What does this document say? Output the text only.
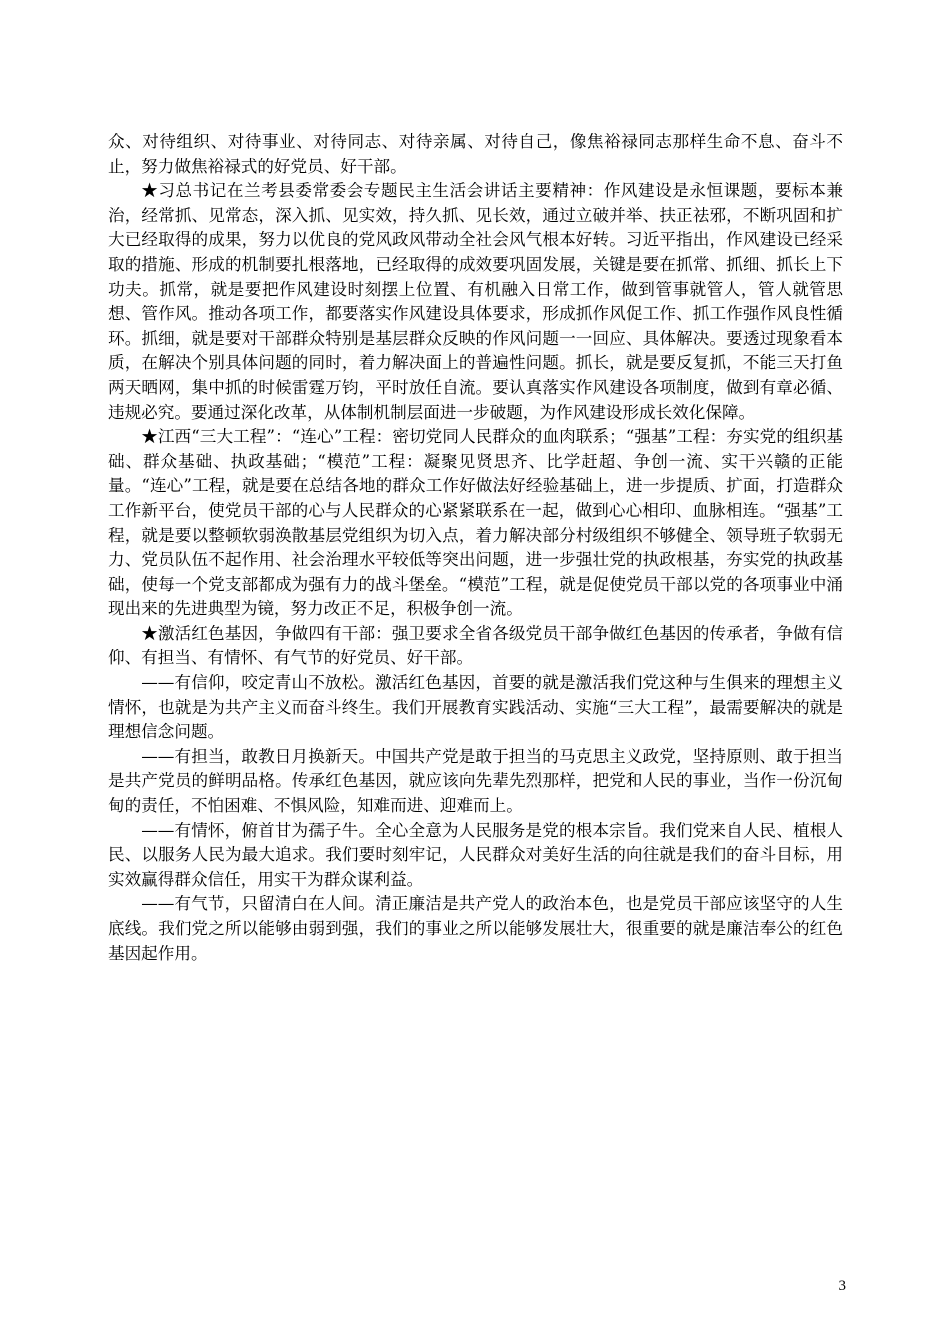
众、对待组织、对待事业、对待同志、对待亲属、对待自己，像焦裕禄同志那样生命不息、奋斗不止，努力做焦裕禄式的好党员、好干部。

★习总书记在兰考县委常委会专题民主生活会讲话主要精神：作风建设是永恒课题，要标本兼治，经常抓、见常态，深入抓、见实效，持久抓、见长效，通过立破并举、扶正祛邪，不断巩固和扩大已经取得的成果，努力以优良的党风政风带动全社会风气根本好转。习近平指出，作风建设已经采取的措施、形成的机制要扎根落地，已经取得的成效要巩固发展，关键是要在抓常、抓细、抓长上下功夫。抓常，就是要把作风建设时刻摆上位置、有机融入日常工作，做到管事就管人，管人就管思想、管作风。推动各项工作，都要落实作风建设具体要求，形成抓作风促工作、抓工作强作风良性循环。抓细，就是要对干部群众特别是基层群众反映的作风问题一一回应、具体解决。要透过现象看本质，在解决个别具体问题的同时，着力解决面上的普遍性问题。抓长，就是要反复抓，不能三天打鱼两天晒网，集中抓的时候雷霆万钧，平时放任自流。要认真落实作风建设各项制度，做到有章必循、违规必究。要通过深化改革，从体制机制层面进一步破题，为作风建设形成长效化保障。

★江西“三大工程”：“连心”工程：密切党同人民群众的血肉联系；“强基”工程：夯实党的组织基础、群众基础、执政基础；“模范”工程：凝聚见贤思齐、比学赶超、争创一流、实干兴赣的正能量。“连心”工程，就是要在总结各地的群众工作好做法好经验基础上，进一步提质、扩面，打造群众工作新平台，使党员干部的心与人民群众的心紧紧联系在一起，做到心心相印、血脉相连。“强基”工程，就是要以整顿软弱涣散基层党组织为切入点，着力解决部分村级组织不够健全、领导班子软弱无力、党员队伍不起作用、社会治理水平较低等突出问题，进一步强壮党的执政根基，夯实党的执政基础，使每一个党支部都成为强有力的战斗堡垒。“模范”工程，就是促使党员干部以党的各项事业中涌现出来的先进典型为镜，努力改正不足，积极争创一流。

★激活红色基因，争做四有干部：强卫要求全省各级党员干部争做红色基因的传承者，争做有信仰、有担当、有情怀、有气节的好党员、好干部。

——有信仰，咬定青山不放松。激活红色基因，首要的就是激活我们党这种与生俱来的理想主义情怀，也就是为共产主义而奋斗终生。我们开展教育实践活动、实施“三大工程”，最需要解决的就是理想信念问题。

——有担当，敢教日月换新天。中国共产党是敢于担当的马克思主义政党，坚持原则、敢于担当是共产党员的鲜明品格。传承红色基因，就应该向先辈先烈那样，把党和人民的事业，当作一份沉甸甸的责任，不怕困难、不惧风险，知难而进、迎难而上。

——有情怀，俯首甘为孺子牛。全心全意为人民服务是党的根本宗旨。我们党来自人民、植根人民、以服务人民为最大追求。我们要时刻牢记，人民群众对美好生活的向往就是我们的奋斗目标，用实效赢得群众信任，用实干为群众谋利益。

——有气节，只留清白在人间。清正廉洁是共产党人的政治本色，也是党员干部应该坚守的人生底线。我们党之所以能够由弱到强，我们的事业之所以能够发展壮大，很重要的就是廉洁奉公的红色基因起作用。

3
